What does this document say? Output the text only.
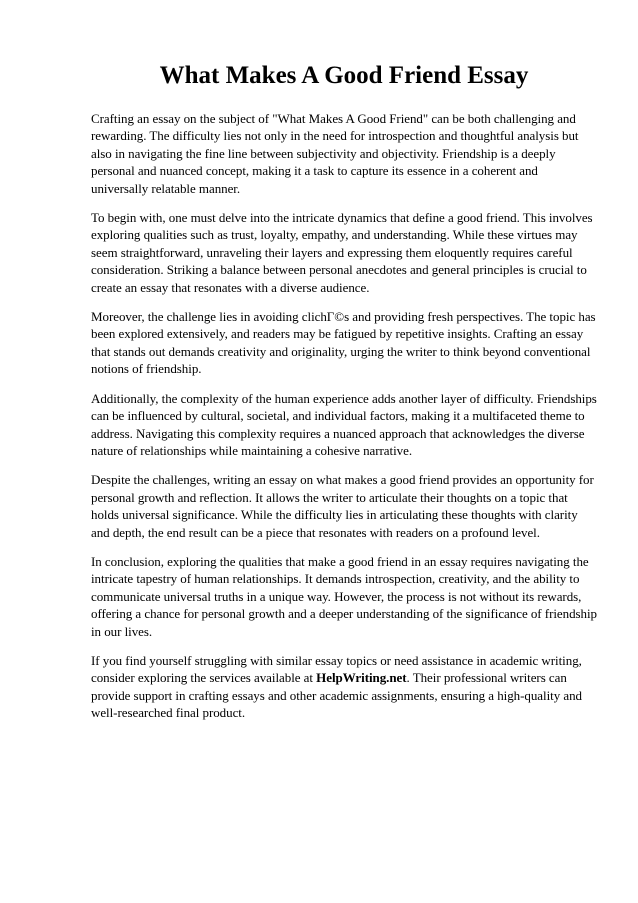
What Makes A Good Friend Essay

Crafting an essay on the subject of "What Makes A Good Friend" can be both challenging and rewarding. The difficulty lies not only in the need for introspection and thoughtful analysis but also in navigating the fine line between subjectivity and objectivity. Friendship is a deeply personal and nuanced concept, making it a task to capture its essence in a coherent and universally relatable manner.

To begin with, one must delve into the intricate dynamics that define a good friend. This involves exploring qualities such as trust, loyalty, empathy, and understanding. While these virtues may seem straightforward, unraveling their layers and expressing them eloquently requires careful consideration. Striking a balance between personal anecdotes and general principles is crucial to create an essay that resonates with a diverse audience.

Moreover, the challenge lies in avoiding clichГ©s and providing fresh perspectives. The topic has been explored extensively, and readers may be fatigued by repetitive insights. Crafting an essay that stands out demands creativity and originality, urging the writer to think beyond conventional notions of friendship.

Additionally, the complexity of the human experience adds another layer of difficulty. Friendships can be influenced by cultural, societal, and individual factors, making it a multifaceted theme to address. Navigating this complexity requires a nuanced approach that acknowledges the diverse nature of relationships while maintaining a cohesive narrative.

Despite the challenges, writing an essay on what makes a good friend provides an opportunity for personal growth and reflection. It allows the writer to articulate their thoughts on a topic that holds universal significance. While the difficulty lies in articulating these thoughts with clarity and depth, the end result can be a piece that resonates with readers on a profound level.

In conclusion, exploring the qualities that make a good friend in an essay requires navigating the intricate tapestry of human relationships. It demands introspection, creativity, and the ability to communicate universal truths in a unique way. However, the process is not without its rewards, offering a chance for personal growth and a deeper understanding of the significance of friendship in our lives.

If you find yourself struggling with similar essay topics or need assistance in academic writing, consider exploring the services available at HelpWriting.net. Their professional writers can provide support in crafting essays and other academic assignments, ensuring a high-quality and well-researched final product.
